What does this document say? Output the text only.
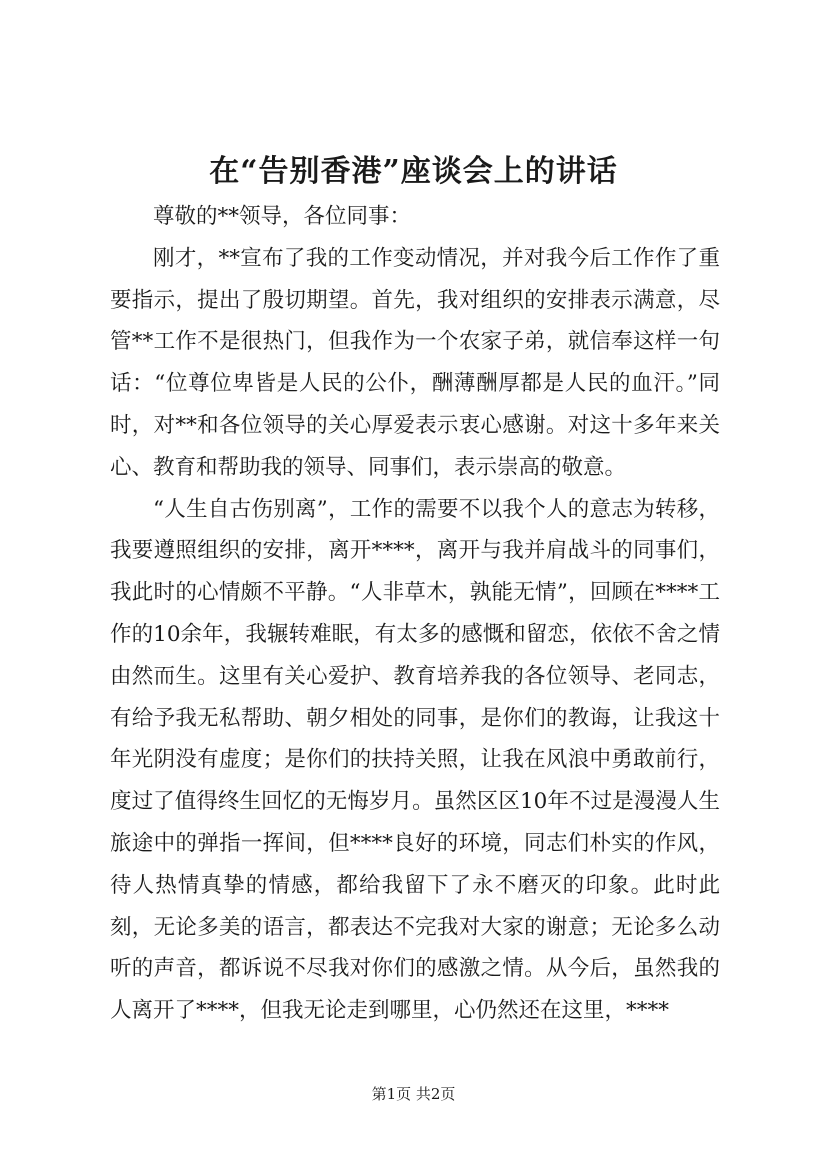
在“告别香港”座谈会上的讲话

尊敬的**领导，各位同事：

刚才，**宣布了我的工作变动情况，并对我今后工作作了重要指示，提出了殷切期望。首先，我对组织的安排表示满意，尽管**工作不是很热门，但我作为一个农家子弟，就信奉这样一句话：“位尊位卑皆是人民的公仆，酬薄酬厚都是人民的血汗。”同时，对**和各位领导的关心厚爱表示衷心感谢。对这十多年来关心、教育和帮助我的领导、同事们，表示崇高的敬意。

“人生自古伤别离”，工作的需要不以我个人的意志为转移，我要遵照组织的安排，离开****，离开与我并肩战斗的同事们，我此时的心情颇不平静。“人非草木，孰能无情”，回顾在****工作的10余年，我辗转难眠，有太多的感慨和留恋，依依不舍之情由然而生。这里有关心爱护、教育培养我的各位领导、老同志，有给予我无私帮助、朝夕相处的同事，是你们的教诲，让我这十年光阴没有虚度；是你们的扶持关照，让我在风浪中勇敢前行，度过了值得终生回忆的无悔岁月。虽然区区10年不过是漫漫人生旅途中的弹指一挥间，但****良好的环境，同志们朴实的作风，待人热情真挚的情感，都给我留下了永不磨灭的印象。此时此刻，无论多美的语言，都表达不完我对大家的谢意；无论多么动听的声音，都诉说不尽我对你们的感激之情。从今后，虽然我的人离开了****，但我无论走到哪里，心仍然还在这里，****

第1页 共2页
